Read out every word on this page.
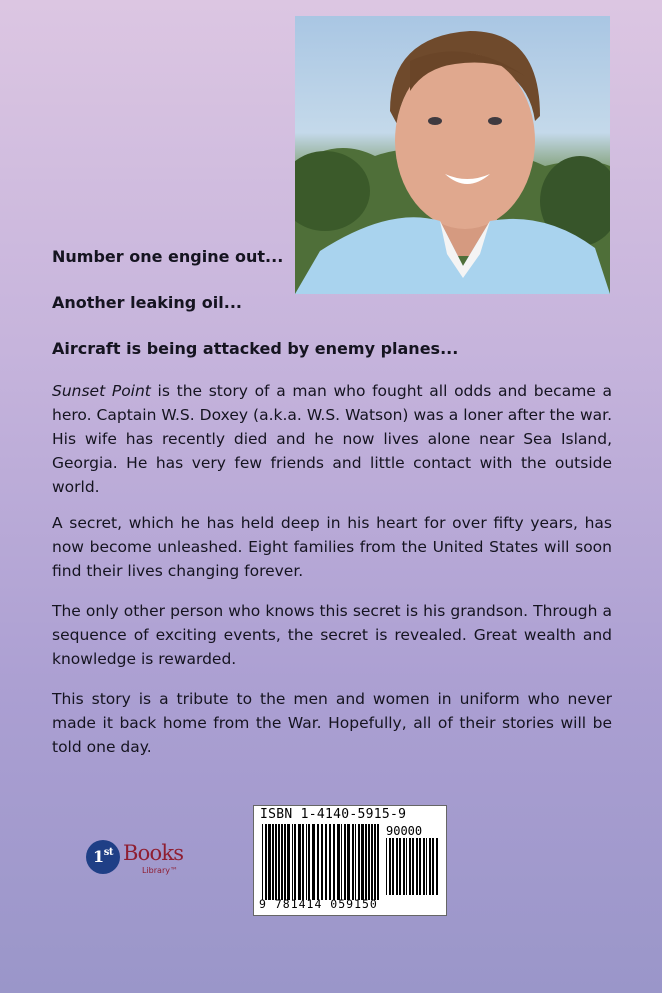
Number one engine out...

Another leaking oil...

Aircraft is being attacked by enemy planes...

Sunset Point is the story of a man who fought all odds and became a hero. Captain W.S. Doxey (a.k.a. W.S. Watson) was a loner after the war. His wife has recently died and he now lives alone near Sea Island, Georgia. He has very few friends and little contact with the outside world.

A secret, which he has held deep in his heart for over fifty years, has now become unleashed. Eight families from the United States will soon find their lives changing forever.

The only other person who knows this secret is his grandson. Through a sequence of exciting events, the secret is revealed. Great wealth and knowledge is rewarded.

This story is a tribute to the men and women in uniform who never made it back home from the War. Hopefully, all of their stories will be told one day.

1st Books
Library™
ISBN 1-4140-5915-9
90000
9 781414 059150
